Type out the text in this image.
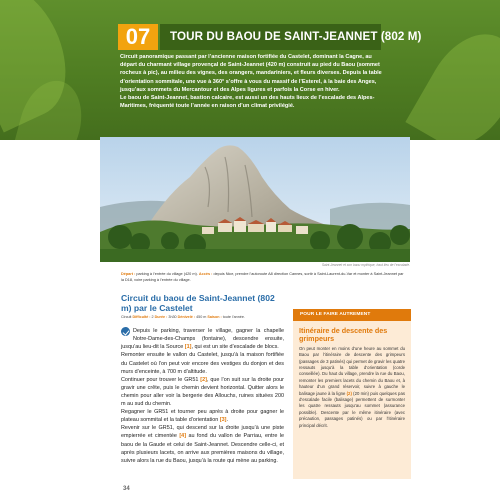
07	TOUR DU BAOU DE SAINT-JEANNET (802 M)

Circuit panoramique passant par l’ancienne maison fortifiée du Castelet, dominant la Cagne, au départ du charmant village provençal de Saint-Jeannet (420 m) construit au pied du Baou (sommet rocheux à pic), au milieu des vignes, des orangers, mandariniers, et fleurs diverses. Depuis la table d’orientation sommitale, une vue à 360° s’offre à vous du massif de l’Esterel, à la baie des Anges, jusqu’aux sommets du Mercantour et des Alpes ligures et parfois la Corse en hiver.

Le baou de Saint-Jeannet, bastion calcaire, est aussi un des hauts lieux de l’escalade des Alpes-Maritimes, fréquenté toute l’année en raison d’un climat privilégié.

Saint-Jeannet et son baou mythique, haut lieu de l’escalade.
Départ : parking à l’entrée du village (420 m). Accès : depuis Nice, prendre l’autoroute A8 direction Cannes, sortir à Saint-Laurent-du-Var et monter à Saint-Jeannet par la D18, voire parking à l’entrée du village.
Circuit du baou de Saint-Jeannet (802 m) par le Castelet
Circuit Difficulté : 2 Durée : 3h30 Dénivelé : 450 m Saison : toute l’année.
Depuis le parking, traverser le village, gagner la chapelle Notre-Dame-des-Champs (fontaine), descendre ensuite, jusqu’au lieu-dit la Source [1], qui est un site d’escalade de blocs.
Remonter ensuite le vallon du Castelet, jusqu’à la maison fortifiée du Castelet où l’on peut voir encore des vestiges du donjon et des murs d’enceinte, à 700 m d’altitude.
Continuer pour trouver le GR51 [2], que l’on suit sur la droite pour gravir une crête, puis le chemin devient horizontal. Quitter alors le chemin pour aller voir la bergerie des Allouchs, ruines situées 200 m au sud du chemin.
Regagner le GR51 et tourner peu après à droite pour gagner le plateau sommital et la table d’orientation [3].
Revenir sur le GR51, qui descend sur la droite jusqu’à une piste empierrée et cimentée [4] au fond du vallon de Parriau, entre le baou de la Gaude et celui de Saint-Jeannet. Descendre celle-ci, et après plusieurs lacets, on arrive aux premières maisons du village, suivre alors la rue du Baou, jusqu’à la route qui mène au parking.
POUR LE FAIRE AUTREMENT
Itinéraire de descente des grimpeurs
On peut monter en moins d’une heure au sommet du Baou par l’itinéraire de descente des grimpeurs (passages de 3 patinés) qui permet de gravir les quatre ressauts jusqu’à la table d’orientation (corde conseillée). Du haut du village, prendre la rue du Baou, remonter les premiers lacets du chemin du Baou et, à hauteur d’un grand réservoir, suivre à gauche le balisage jaune à la ligne (2) (20 min) puis quelques pas d’escalade facile (balisage) permettent de surmonter les quatre ressauts jusqu’au sommet (assurance possible). Descente par le même itinéraire (avec précaution, passages patinés) ou par l’itinéraire principal décrit.
34
